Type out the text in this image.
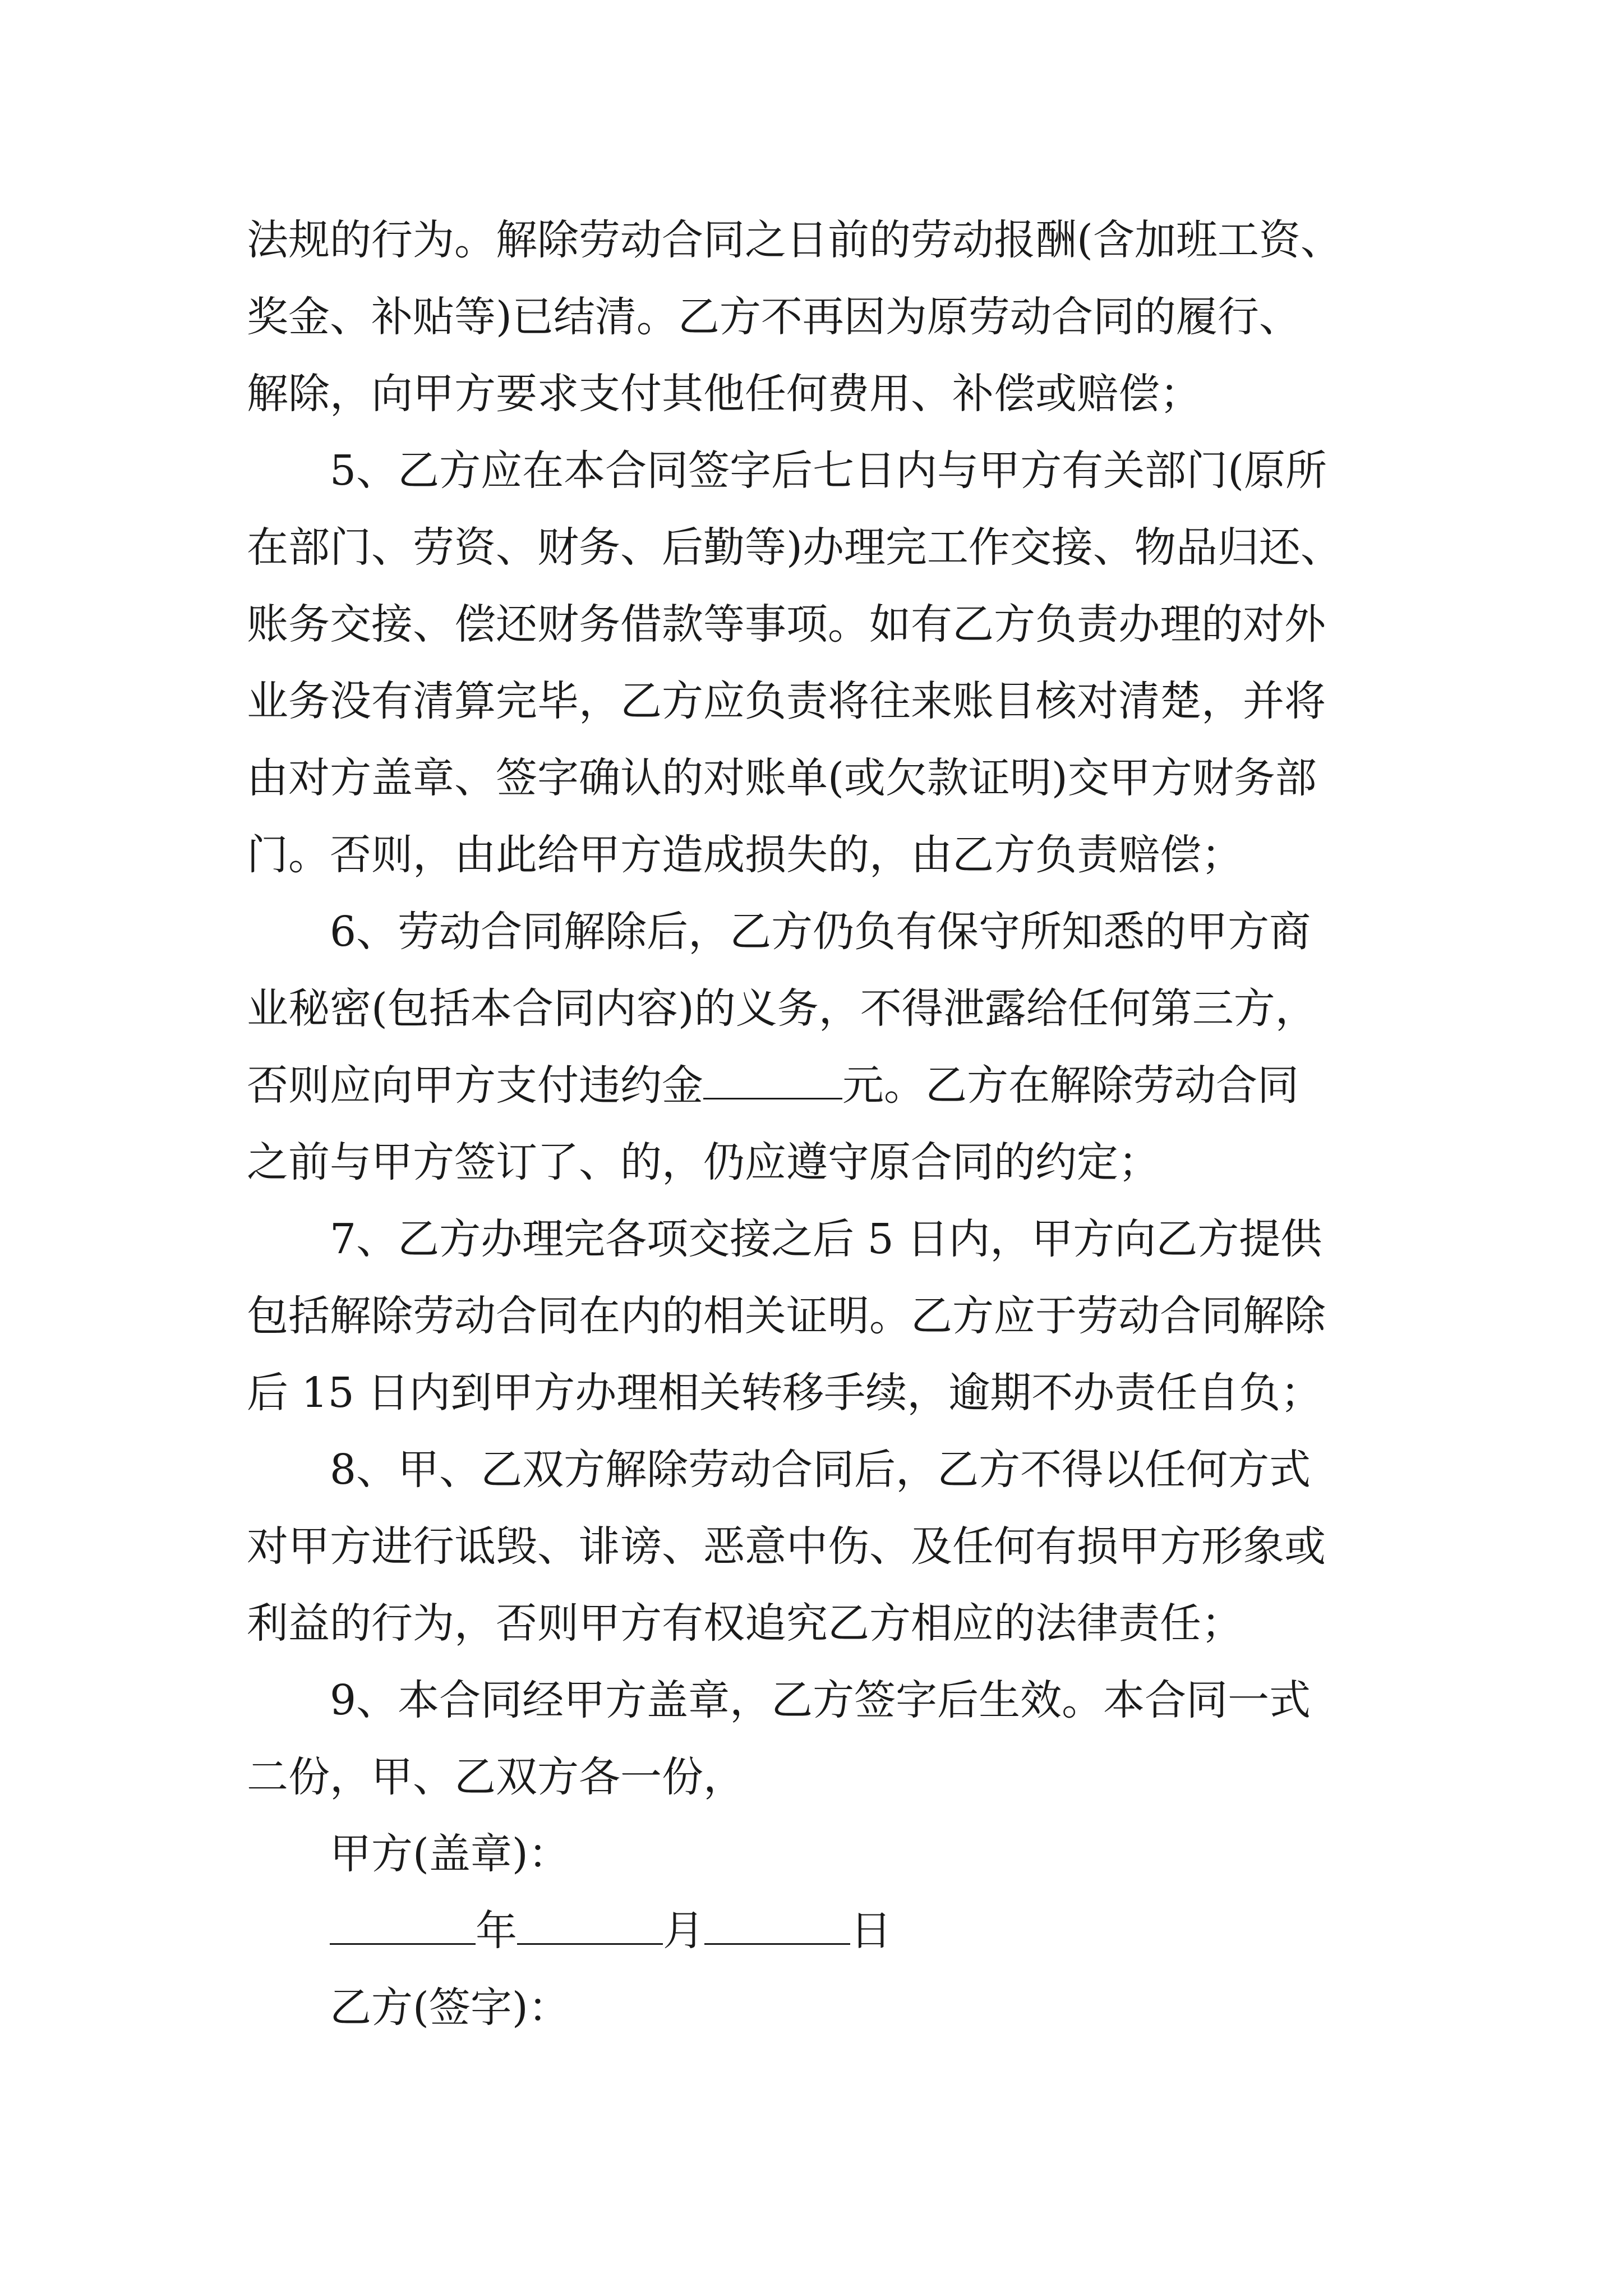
法规的行为。解除劳动合同之日前的劳动报酬(含加班工资、
奖金、补贴等)已结清。乙方不再因为原劳动合同的履行、
解除，向甲方要求支付其他任何费用、补偿或赔偿；
5、乙方应在本合同签字后七日内与甲方有关部门(原所
在部门、劳资、财务、后勤等)办理完工作交接、物品归还、
账务交接、偿还财务借款等事项。如有乙方负责办理的对外
业务没有清算完毕，乙方应负责将往来账目核对清楚，并将
由对方盖章、签字确认的对账单(或欠款证明)交甲方财务部
门。否则，由此给甲方造成损失的，由乙方负责赔偿；
6、劳动合同解除后，乙方仍负有保守所知悉的甲方商
业秘密(包括本合同内容)的义务，不得泄露给任何第三方，
否则应向甲方支付违约金	元。乙方在解除劳动合同
之前与甲方签订了、的，仍应遵守原合同的约定；
7、乙方办理完各项交接之后 5 日内，甲方向乙方提供
包括解除劳动合同在内的相关证明。乙方应于劳动合同解除
后 15 日内到甲方办理相关转移手续，逾期不办责任自负；
8、甲、乙双方解除劳动合同后，乙方不得以任何方式
对甲方进行诋毁、诽谤、恶意中伤、及任何有损甲方形象或
利益的行为，否则甲方有权追究乙方相应的法律责任；
9、本合同经甲方盖章，乙方签字后生效。本合同一式
二份，甲、乙双方各一份，
甲方(盖章)：
年	月	日
乙方(签字)：
